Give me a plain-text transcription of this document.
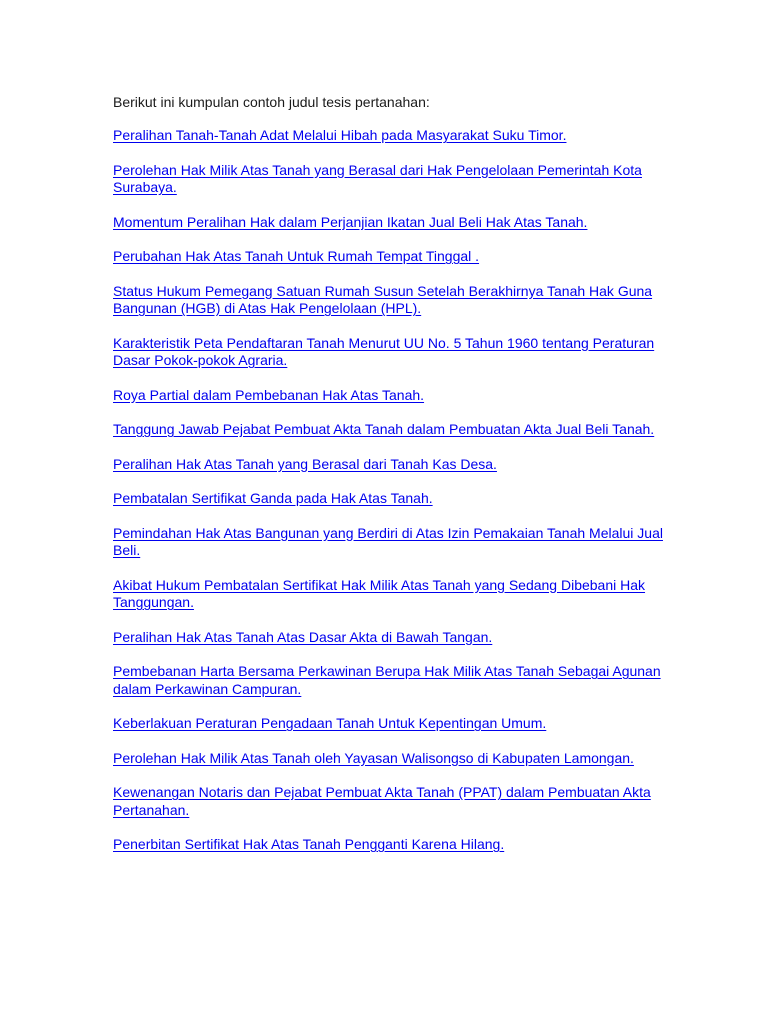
Berikut ini kumpulan contoh judul tesis pertanahan:

Peralihan Tanah-Tanah Adat Melalui Hibah pada Masyarakat Suku Timor.
Perolehan Hak Milik Atas Tanah yang Berasal dari Hak Pengelolaan Pemerintah Kota Surabaya.
Momentum Peralihan Hak dalam Perjanjian Ikatan Jual Beli Hak Atas Tanah.
Perubahan Hak Atas Tanah Untuk Rumah Tempat Tinggal .
Status Hukum Pemegang Satuan Rumah Susun Setelah Berakhirnya Tanah Hak Guna Bangunan (HGB) di Atas Hak Pengelolaan (HPL).
Karakteristik Peta Pendaftaran Tanah Menurut UU No. 5 Tahun 1960 tentang Peraturan Dasar Pokok-pokok Agraria.
Roya Partial dalam Pembebanan Hak Atas Tanah.
Tanggung Jawab Pejabat Pembuat Akta Tanah dalam Pembuatan Akta Jual Beli Tanah.
Peralihan Hak Atas Tanah yang Berasal dari Tanah Kas Desa.
Pembatalan Sertifikat Ganda pada Hak Atas Tanah.
Pemindahan Hak Atas Bangunan yang Berdiri di Atas Izin Pemakaian Tanah Melalui Jual Beli.
Akibat Hukum Pembatalan Sertifikat Hak Milik Atas Tanah yang Sedang Dibebani Hak Tanggungan.
Peralihan Hak Atas Tanah Atas Dasar Akta di Bawah Tangan.
Pembebanan Harta Bersama Perkawinan Berupa Hak Milik Atas Tanah Sebagai Agunan dalam Perkawinan Campuran.
Keberlakuan Peraturan Pengadaan Tanah Untuk Kepentingan Umum.
Perolehan Hak Milik Atas Tanah oleh Yayasan Walisongso di Kabupaten Lamongan.
Kewenangan Notaris dan Pejabat Pembuat Akta Tanah (PPAT) dalam Pembuatan Akta Pertanahan.
Penerbitan Sertifikat Hak Atas Tanah Pengganti Karena Hilang.
